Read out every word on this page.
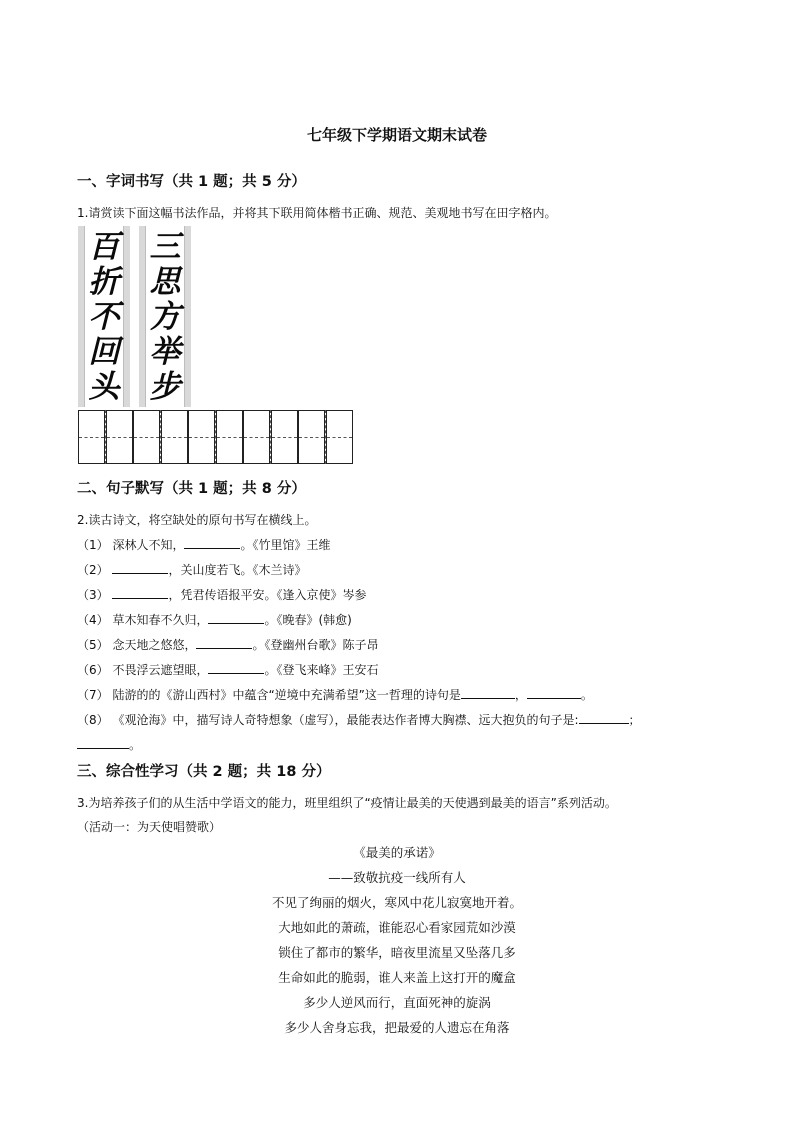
七年级下学期语文期末试卷
一、字词书写（共 1 题；共 5 分）
1.请赏读下面这幅书法作品，并将其下联用简体楷书正确、规范、美观地书写在田字格内。
百
折
不
回
头
三
思
方
举
步
二、句子默写（共 1 题；共 8 分）
2.读古诗文，将空缺处的原句书写在横线上。
（1） 深林人不知，	。《竹里馆》王维
（2）	，关山度若飞。《木兰诗》
（3）	，凭君传语报平安。《逢入京使》岑参
（4） 草木知春不久归，	。《晚春》(韩愈)
（5） 念天地之悠悠，	。《登幽州台歌》陈子昂
（6） 不畏浮云遮望眼，	。《登飞来峰》王安石
（7） 陆游的的《游山西村》中蕴含“逆境中充满希望”这一哲理的诗句是	，	。
（8） 《观沧海》中，描写诗人奇特想象（虚写），最能表达作者博大胸襟、远大抱负的句子是:	；
。
三、综合性学习（共 2 题；共 18 分）
3.为培养孩子们的从生活中学语文的能力，班里组织了“疫情让最美的天使遇到最美的语言”系列活动。
（活动一：为天使唱赞歌）
《最美的承诺》
——致敬抗疫一线所有人
不见了绚丽的烟火，寒风中花儿寂寞地开着。
大地如此的萧疏，谁能忍心看家园荒如沙漠
锁住了都市的繁华，暗夜里流星又坠落几多
生命如此的脆弱，谁人来盖上这打开的魔盒
多少人逆风而行，直面死神的旋涡
多少人舍身忘我，把最爱的人遗忘在角落
